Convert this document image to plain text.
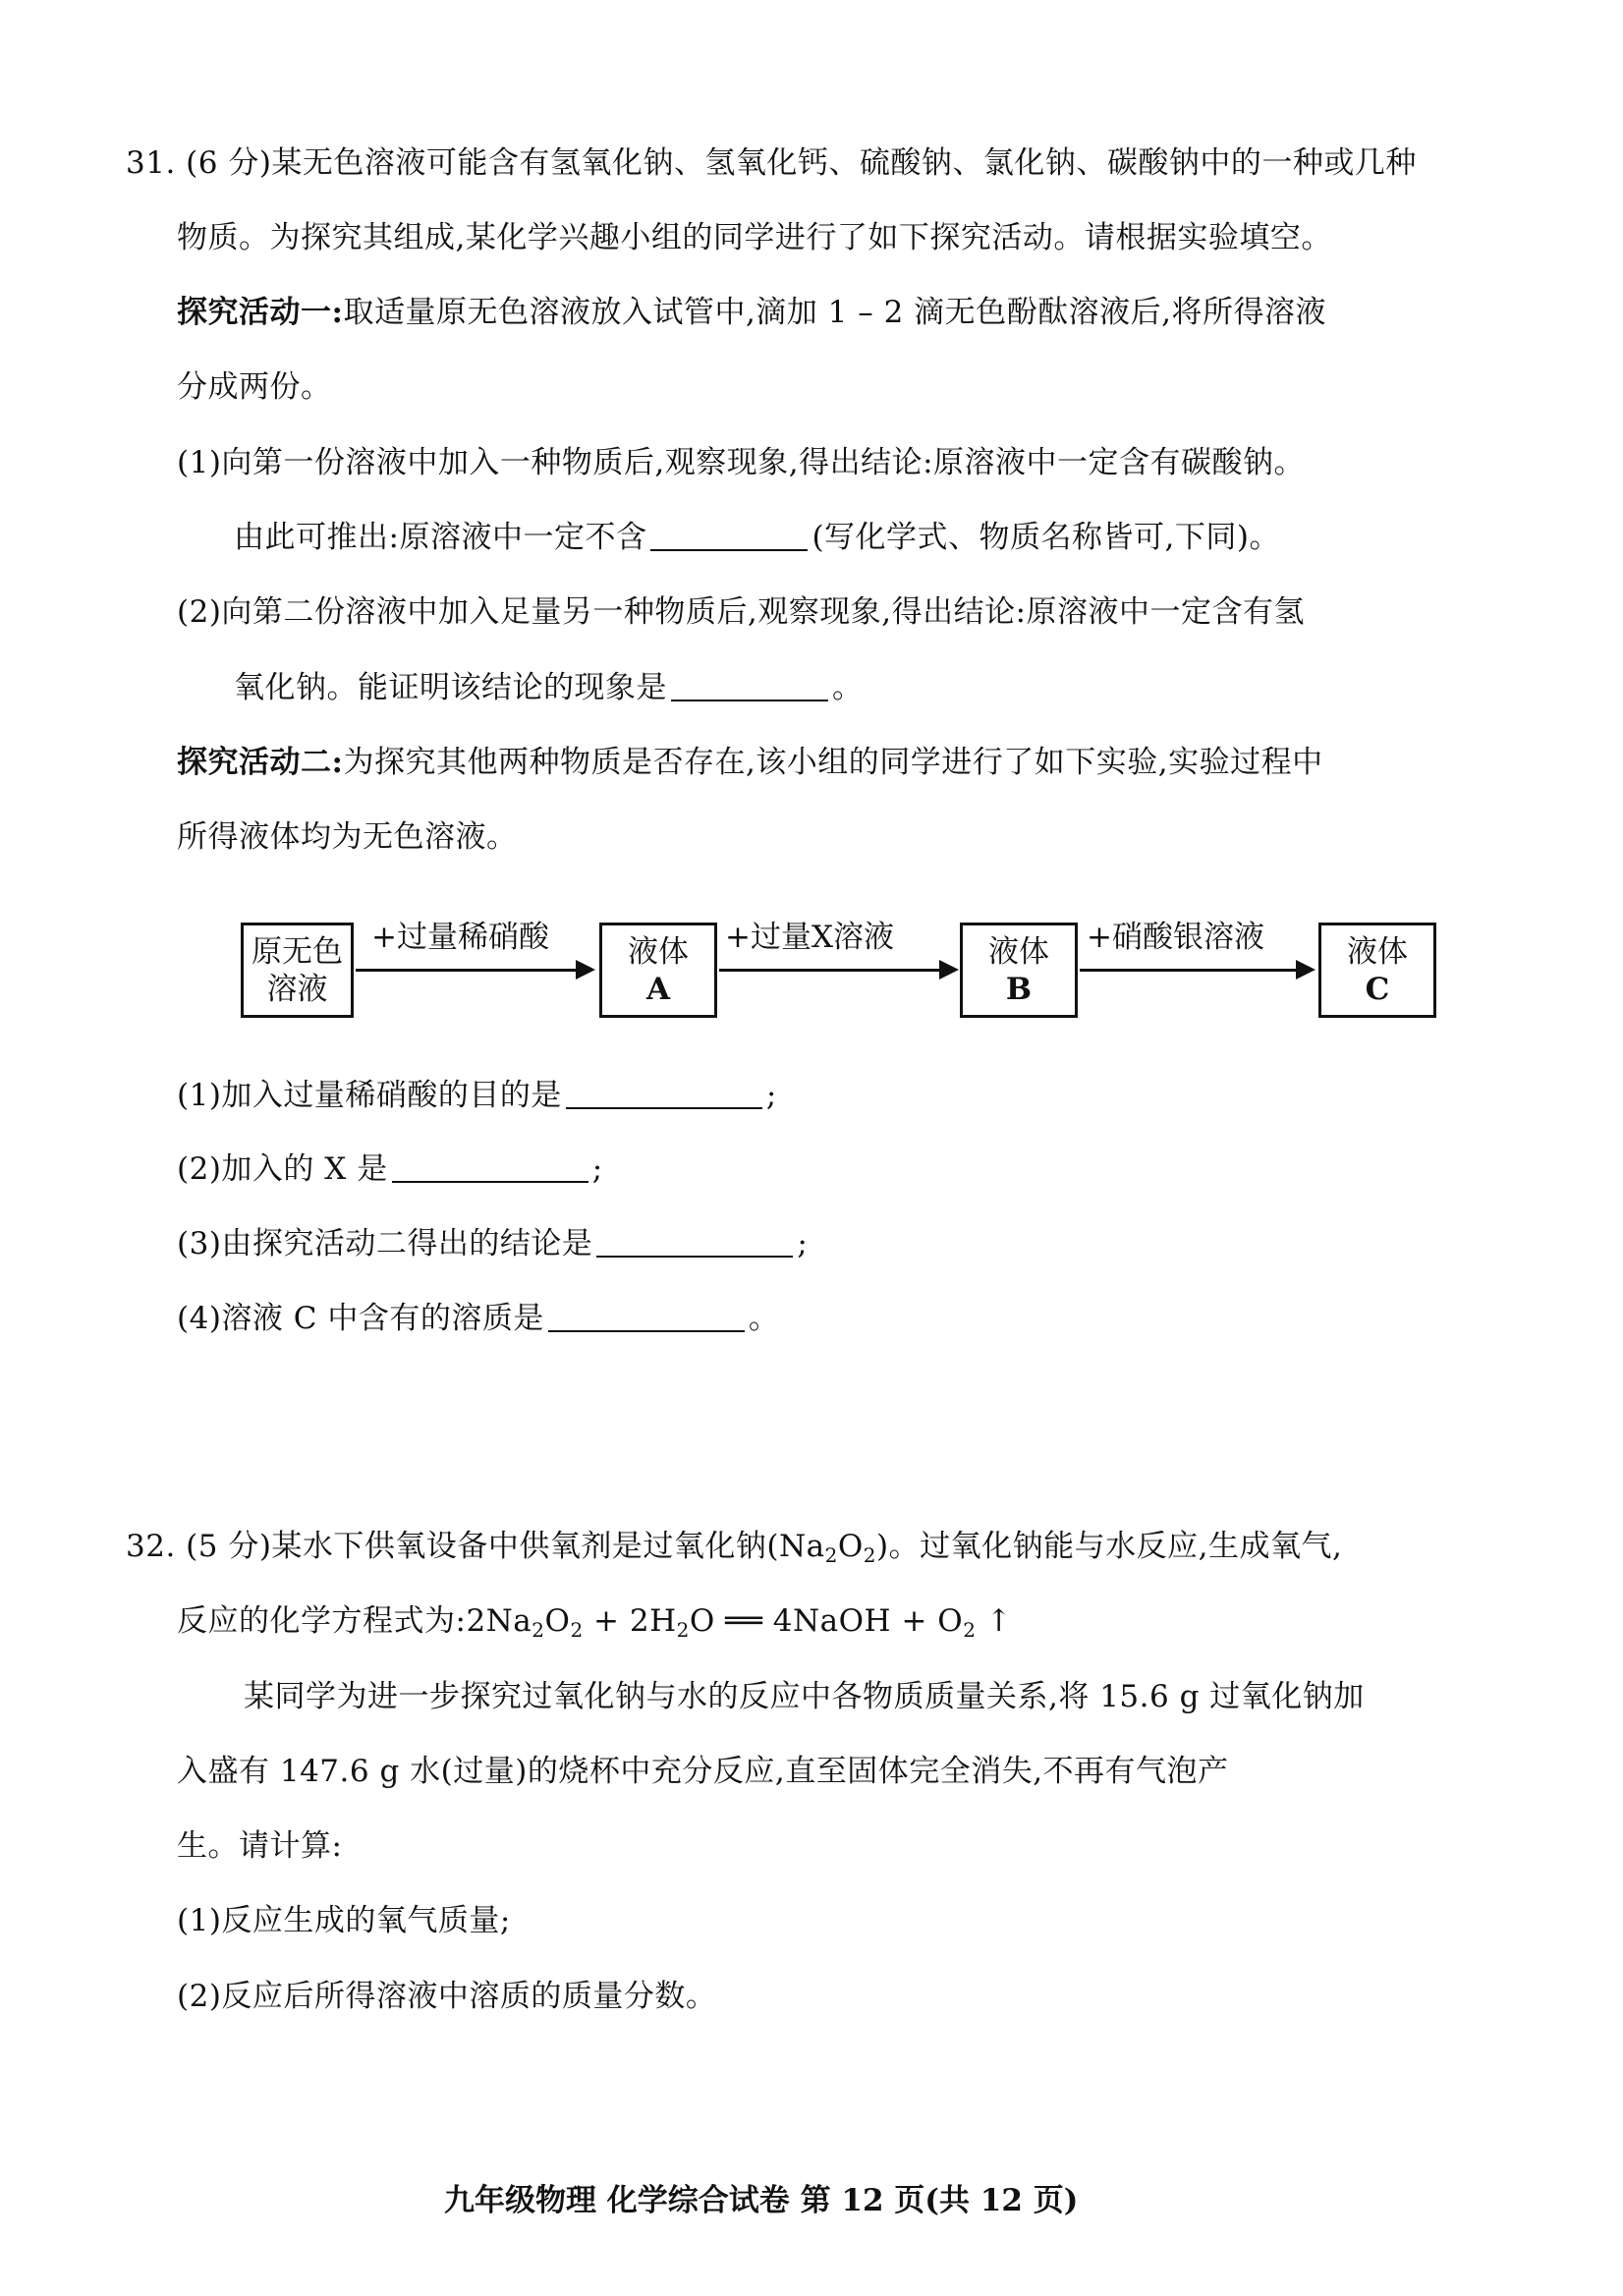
31. (6 分)某无色溶液可能含有氢氧化钠、氢氧化钙、硫酸钠、氯化钠、碳酸钠中的一种或几种
物质。为探究其组成,某化学兴趣小组的同学进行了如下探究活动。请根据实验填空。
探究活动一:取适量原无色溶液放入试管中,滴加 1 – 2 滴无色酚酞溶液后,将所得溶液
分成两份。
(1)向第一份溶液中加入一种物质后,观察现象,得出结论:原溶液中一定含有碳酸钠。
由此可推出:原溶液中一定不含	(写化学式、物质名称皆可,下同)。
(2)向第二份溶液中加入足量另一种物质后,观察现象,得出结论:原溶液中一定含有氢
氧化钠。能证明该结论的现象是	。
探究活动二:为探究其他两种物质是否存在,该小组的同学进行了如下实验,实验过程中
所得液体均为无色溶液。
原无色
溶液
+过量稀硝酸	液体
A
+过量X溶液	液体
B
+硝酸银溶液	液体
C
(1)加入过量稀硝酸的目的是	;
(2)加入的 X 是	;
(3)由探究活动二得出的结论是	;
(4)溶液 C 中含有的溶质是	。
32. (5 分)某水下供氧设备中供氧剂是过氧化钠$(Na_2O_2)$。过氧化钠能与水反应,生成氧气,
反应的化学方程式为$:2Na_2O_2 + 2H_2O$ ══ 4NaOH + $O_2$ ↑
某同学为进一步探究过氧化钠与水的反应中各物质质量关系,将 15.6 g 过氧化钠加
入盛有 147.6 g 水(过量)的烧杯中充分反应,直至固体完全消失,不再有气泡产
生。请计算:
(1)反应生成的氧气质量;
(2)反应后所得溶液中溶质的质量分数。
九年级物理 化学综合试卷 第 12 页(共 12 页)
